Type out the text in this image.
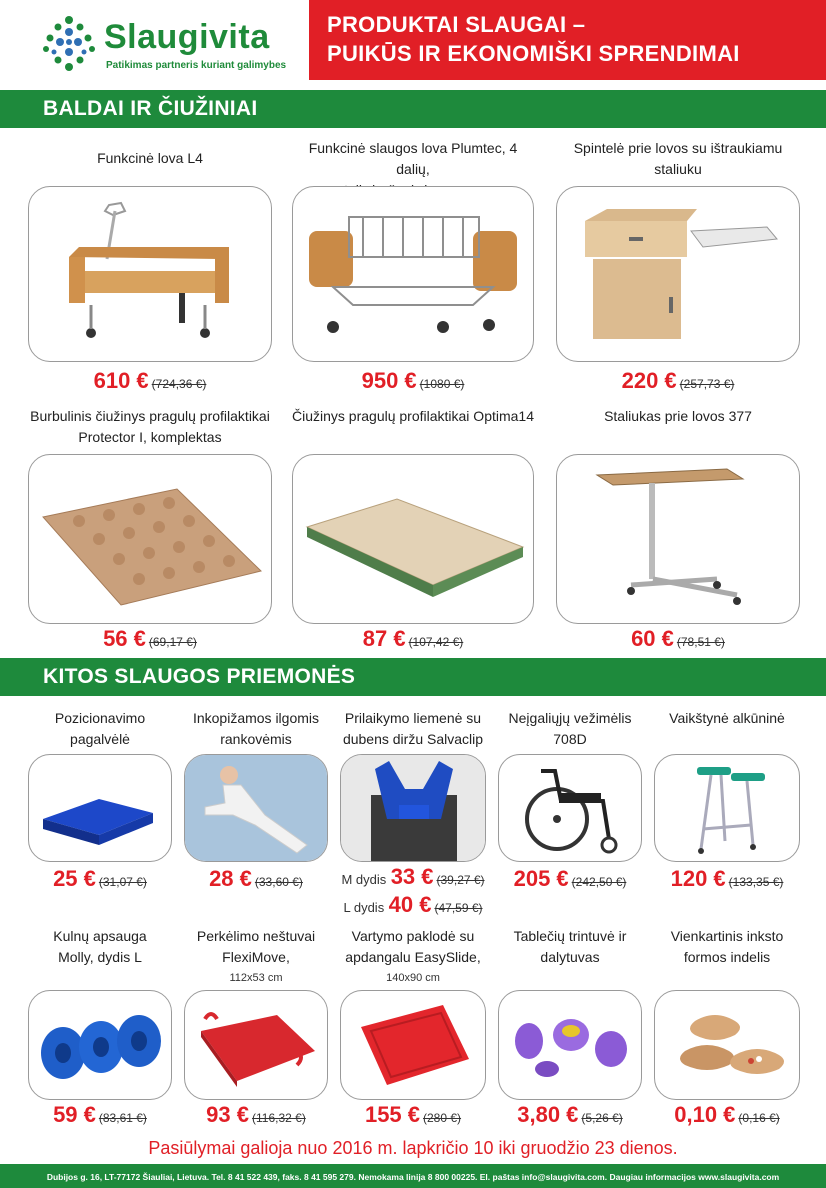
Slaugivita
Patikimas partneris kuriant galimybes
PRODUKTAI SLAUGAI –
PUIKŪS IR EKONOMIŠKI SPRENDIMAI
BALDAI IR ČIUŽINIAI
Funkcinė lova L4
610 € (724,36 €)
Funkcinė slaugos lova Plumtec, 4 dalių,
950 € (1080 €)
Spintelė prie lovos su ištraukiamu
staliuku
220 € (257,73 €)
Burbulinis čiužinys pragulų profilaktikai
Protector I, komplektas
56 € (69,17 €)
Čiužinys pragulų profilaktikai Optima14
87 € (107,42 €)
Staliukas prie lovos 377
60 € (78,51 €)
KITOS SLAUGOS PRIEMONĖS
Pozicionavimo pagalvėlė
25 € (31,07 €)
Inkopižamos ilgomis
rankovėmis
28 € (33,60 €)
Prilaikymo liemenė su
dubens diržu Salvaclip
M dydis 33 € (39,27 €)
L dydis 40 € (47,59 €)
Neįgaliųjų vežimėlis
708D
205 € (242,50 €)
Vaikštynė alkūninė
120 € (133,35 €)
Kulnų apsauga
Molly, dydis L
59 € (83,61 €)
Perkėlimo neštuvai
FlexiMove,
112x53 cm
93 € (116,32 €)
Vartymo paklodė su
apdangalu EasySlide,
140x90 cm
155 € (280 €)
Tablečių trintuvė ir
dalytuvas
3,80 € (5,26 €)
Vienkartinis inksto
formos indelis
0,10 € (0,16 €)
Pasiūlymai galioja nuo 2016 m. lapkričio 10 iki gruodžio 23 dienos.
Dubijos g. 16, LT-77172 Šiauliai, Lietuva. Tel. 8 41 522 439, faks. 8 41 595 279. Nemokama linija 8 800 00225. El. paštas info@slaugivita.com. Daugiau informacijos www.slaugivita.com
